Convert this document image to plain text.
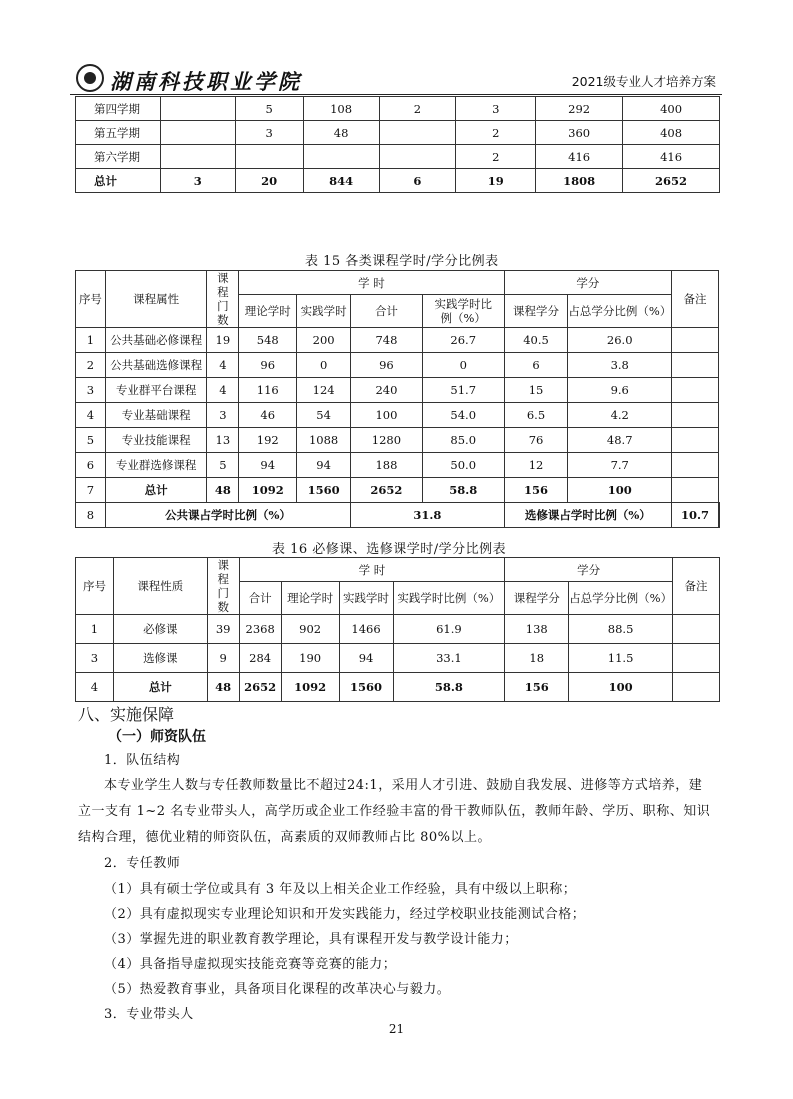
湖南科技职业学院	2021级专业人才培养方案
第四学期		5	108	2	3	292	400
第五学期		3	48		2	360	408
第六学期					2	416	416
总计	3	20	844	6	19	1808	2652
表 15 各类课程学时/学分比例表
序号	课程属性	课程门数	学 时				学分		备注	
			理论学时	实践学时	合计	实践学时比例（%）	课程学分	占总学分比例（%）		
1	公共基础必修课程	19	548	200	748	26.7	40.5	26.0		
2	公共基础选修课程	4	96	0	96	0	6	3.8		
3	专业群平台课程	4	116	124	240	51.7	15	9.6		
4	专业基础课程	3	46	54	100	54.0	6.5	4.2		
5	专业技能课程	13	192	1088	1280	85.0	76	48.7		
6	专业群选修课程	5	94	94	188	50.0	12	7.7		
7	总计	48	1092	1560	2652	58.8	156	100		
8	公共课占学时比例（%）				31.8		选修课占学时比例（%）		10.7	
表 16 必修课、选修课学时/学分比例表
序号	课程性质	课程门数	学 时				学分		备注
			合计	理论学时	实践学时	实践学时比例（%）	课程学分	占总学分比例（%）	
1	必修课	39	2368	902	1466	61.9	138	88.5	
3	选修课	9	284	190	94	33.1	18	11.5	
4	总计	48	2652	1092	1560	58.8	156	100	
八、实施保障
（一）师资队伍
1．队伍结构
本专业学生人数与专任教师数量比不超过24:1，采用人才引进、鼓励自我发展、进修等方式培养，建
立一支有 1~2 名专业带头人，高学历或企业工作经验丰富的骨干教师队伍，教师年龄、学历、职称、知识
结构合理，德优业精的师资队伍，高素质的双师教师占比 80%以上。
2．专任教师
（1）具有硕士学位或具有 3 年及以上相关企业工作经验，具有中级以上职称；
（2）具有虚拟现实专业理论知识和开发实践能力，经过学校职业技能测试合格；
（3）掌握先进的职业教育教学理论，具有课程开发与教学设计能力；
（4）具备指导虚拟现实技能竞赛等竞赛的能力；
（5）热爱教育事业，具备项目化课程的改革决心与毅力。
3．专业带头人
21
